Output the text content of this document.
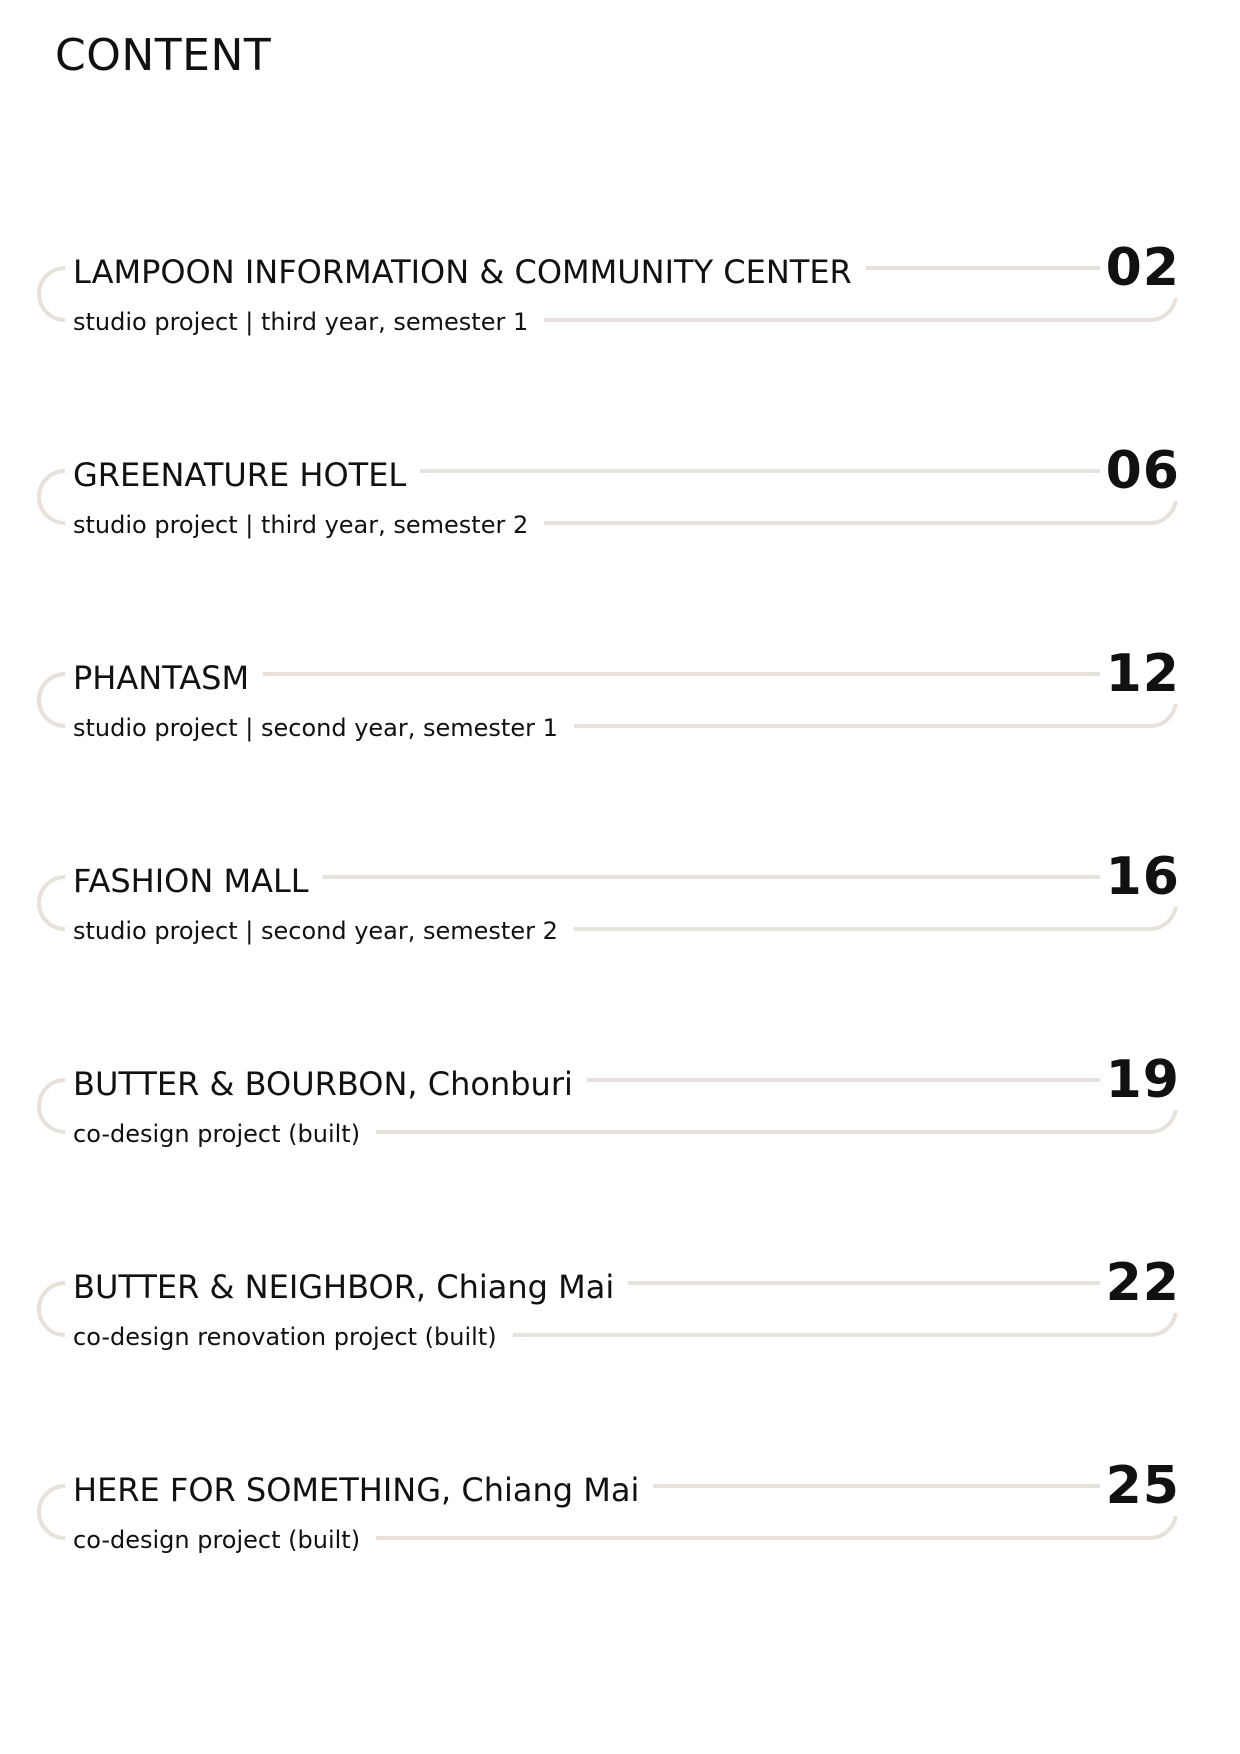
CONTENT
LAMPOON INFORMATION & COMMUNITY CENTER
studio project | third year, semester 1
02
GREENATURE HOTEL
studio project | third year, semester 2
06
PHANTASM
studio project | second year, semester 1
12
FASHION MALL
studio project | second year, semester 2
16
BUTTER & BOURBON, Chonburi
co-design project (built)
19
BUTTER & NEIGHBOR, Chiang Mai
co-design renovation project (built)
22
HERE FOR SOMETHING, Chiang Mai
co-design project (built)
25
